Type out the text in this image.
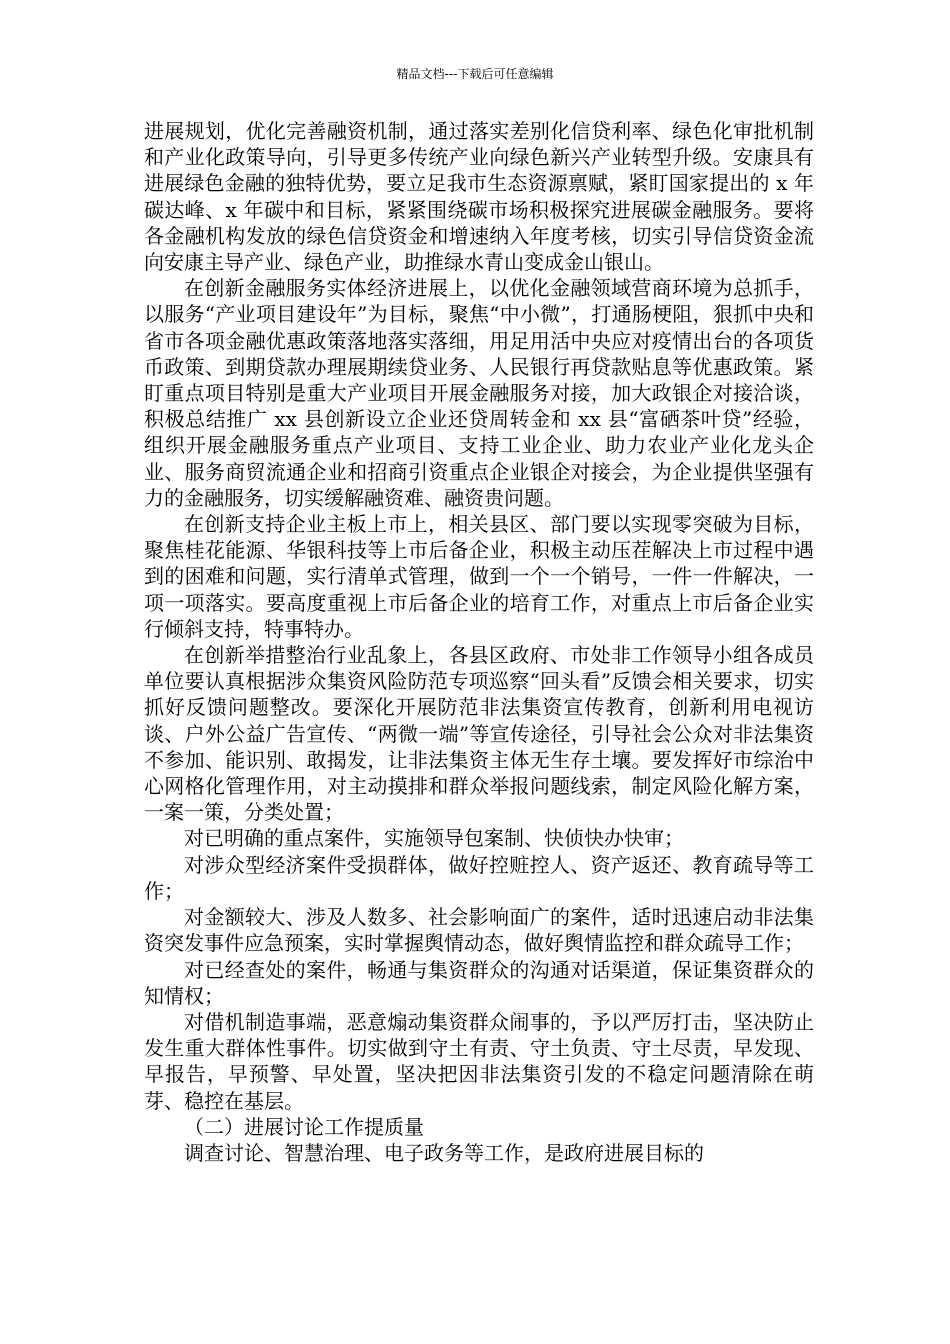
精品文档---下载后可任意编辑

进展规划，优化完善融资机制，通过落实差别化信贷利率、绿色化审批机制和产业化政策导向，引导更多传统产业向绿色新兴产业转型升级。安康具有进展绿色金融的独特优势，要立足我市生态资源禀赋，紧盯国家提出的 x 年碳达峰、x 年碳中和目标，紧紧围绕碳市场积极探究进展碳金融服务。要将各金融机构发放的绿色信贷资金和增速纳入年度考核，切实引导信贷资金流向安康主导产业、绿色产业，助推绿水青山变成金山银山。

在创新金融服务实体经济进展上，以优化金融领域营商环境为总抓手，以服务“产业项目建设年”为目标，聚焦“中小微”，打通肠梗阻，狠抓中央和省市各项金融优惠政策落地落实落细，用足用活中央应对疫情出台的各项货币政策、到期贷款办理展期续贷业务、人民银行再贷款贴息等优惠政策。紧盯重点项目特别是重大产业项目开展金融服务对接，加大政银企对接洽谈，积极总结推广 xx 县创新设立企业还贷周转金和 xx 县“富硒茶叶贷”经验，组织开展金融服务重点产业项目、支持工业企业、助力农业产业化龙头企业、服务商贸流通企业和招商引资重点企业银企对接会，为企业提供坚强有力的金融服务，切实缓解融资难、融资贵问题。

在创新支持企业主板上市上，相关县区、部门要以实现零突破为目标，聚焦桂花能源、华银科技等上市后备企业，积极主动压茬解决上市过程中遇到的困难和问题，实行清单式管理，做到一个一个销号，一件一件解决，一项一项落实。要高度重视上市后备企业的培育工作，对重点上市后备企业实行倾斜支持，特事特办。

在创新举措整治行业乱象上，各县区政府、市处非工作领导小组各成员单位要认真根据涉众集资风险防范专项巡察“回头看”反馈会相关要求，切实抓好反馈问题整改。要深化开展防范非法集资宣传教育，创新利用电视访谈、户外公益广告宣传、“两微一端”等宣传途径，引导社会公众对非法集资不参加、能识别、敢揭发，让非法集资主体无生存土壤。要发挥好市综治中心网格化管理作用，对主动摸排和群众举报问题线索，制定风险化解方案，一案一策，分类处置；

对已明确的重点案件，实施领导包案制、快侦快办快审；

对涉众型经济案件受损群体，做好控赃控人、资产返还、教育疏导等工作；

对金额较大、涉及人数多、社会影响面广的案件，适时迅速启动非法集资突发事件应急预案，实时掌握舆情动态，做好舆情监控和群众疏导工作；

对已经查处的案件，畅通与集资群众的沟通对话渠道，保证集资群众的知情权；

对借机制造事端，恶意煽动集资群众闹事的，予以严厉打击，坚决防止发生重大群体性事件。切实做到守土有责、守土负责、守土尽责，早发现、早报告，早预警、早处置，坚决把因非法集资引发的不稳定问题清除在萌芽、稳控在基层。

（二）进展讨论工作提质量

调查讨论、智慧治理、电子政务等工作，是政府进展目标的
